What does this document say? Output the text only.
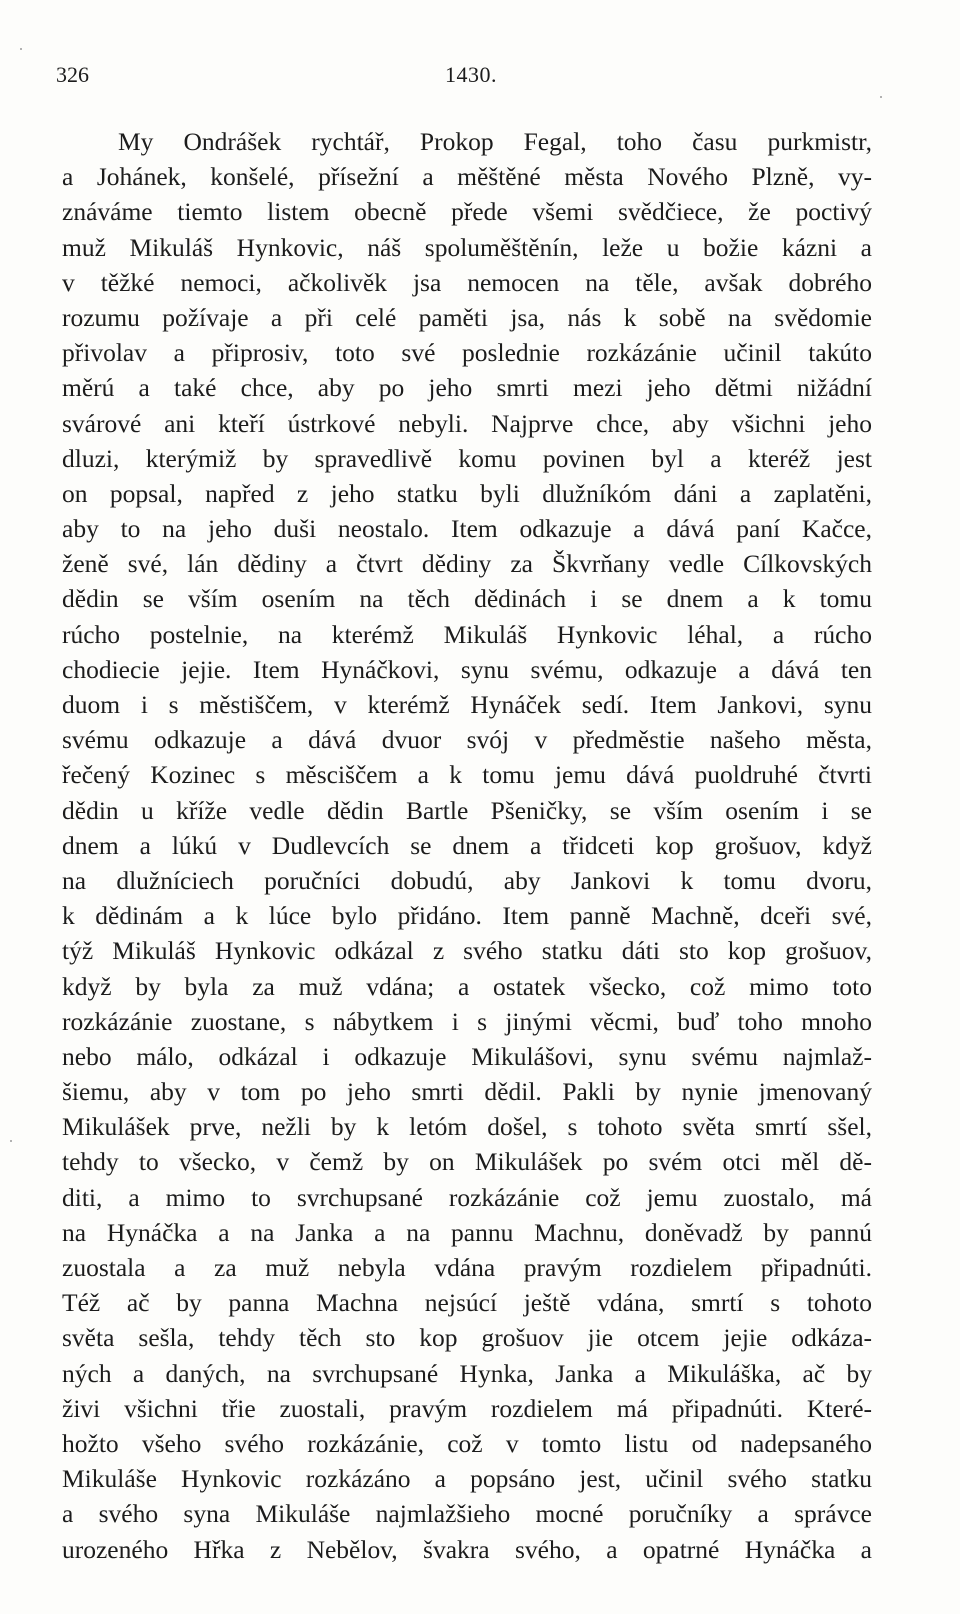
326	1430.
My Ondrášek rychtář, Prokop Fegal, toho času purkmistr,
a Johánek, konšelé, přísežní a měštěné města Nového Plzně, vy-
znáváme tiemto listem obecně přede všemi svědčiece, že poctivý
muž Mikuláš Hynkovic, náš spoluměštěnín, leže u božie kázni a
v těžké nemoci, ačkolivěk jsa nemocen na těle, avšak dobrého
rozumu požívaje a při celé paměti jsa, nás k sobě na svědomie
přivolav a připrosiv, toto své poslednie rozkázánie učinil takúto
měrú a také chce, aby po jeho smrti mezi jeho dětmi nižádní
svárové ani kteří ústrkové nebyli. Najprve chce, aby všichni jeho
dluzi, kterýmiž by spravedlivě komu povinen byl a kteréž jest
on popsal, napřed z jeho statku byli dlužníkóm dáni a zaplatěni,
aby to na jeho duši neostalo. Item odkazuje a dává paní Kačce,
ženě své, lán dědiny a čtvrt dědiny za Škvrňany vedle Cílkovských
dědin se vším osením na těch dědinách i se dnem a k tomu
rúcho postelnie, na kterémž Mikuláš Hynkovic léhal, a rúcho
chodiecie jejie. Item Hynáčkovi, synu svému, odkazuje a dává ten
duom i s městiščem, v kterémž Hynáček sedí. Item Jankovi, synu
svému odkazuje a dává dvuor svój v předměstie našeho města,
řečený Kozinec s měsciščem a k tomu jemu dává puoldruhé čtvrti
dědin u kříže vedle dědin Bartle Pšeničky, se vším osením i se
dnem a lúkú v Dudlevcích se dnem a třidceti kop grošuov, když
na dlužníciech poručníci dobudú, aby Jankovi k tomu dvoru,
k dědinám a k lúce bylo přidáno. Item panně Machně, dceři své,
týž Mikuláš Hynkovic odkázal z svého statku dáti sto kop grošuov,
když by byla za muž vdána; a ostatek všecko, což mimo toto
rozkázánie zuostane, s nábytkem i s jinými věcmi, buď toho mnoho
nebo málo, odkázal i odkazuje Mikulášovi, synu svému najmlaž-
šiemu, aby v tom po jeho smrti dědil. Pakli by nynie jmenovaný
Mikulášek prve, nežli by k letóm došel, s tohoto světa smrtí sšel,
tehdy to všecko, v čemž by on Mikulášek po svém otci měl dě-
diti, a mimo to svrchupsané rozkázánie což jemu zuostalo, má
na Hynáčka a na Janka a na pannu Machnu, doněvadž by pannú
zuostala a za muž nebyla vdána pravým rozdielem připadnúti.
Též ač by panna Machna nejsúcí ještě vdána, smrtí s tohoto
světa sešla, tehdy těch sto kop grošuov jie otcem jejie odkáza-
ných a daných, na svrchupsané Hynka, Janka a Mikuláška, ač by
živi všichni třie zuostali, pravým rozdielem má připadnúti. Které-
hožto všeho svého rozkázánie, což v tomto listu od nadepsaného
Mikuláše Hynkovic rozkázáno a popsáno jest, učinil svého statku
a svého syna Mikuláše najmlažšieho mocné poručníky a správce
urozeného Hřka z Nebělov, švakra svého, a opatrné Hynáčka a
